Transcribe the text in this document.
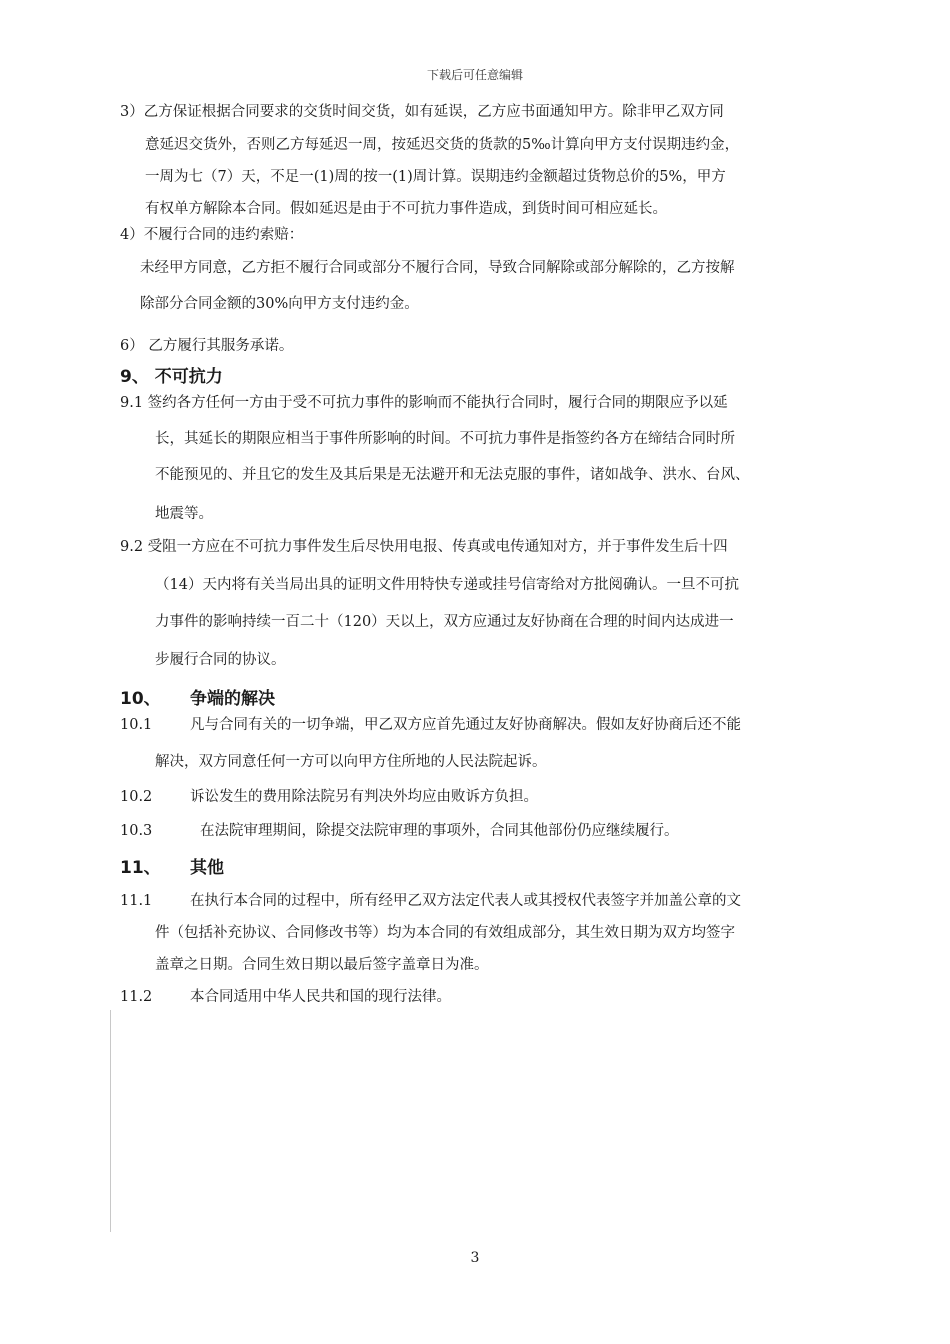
下载后可任意编辑
3）乙方保证根据合同要求的交货时间交货，如有延误，乙方应书面通知甲方。除非甲乙双方同
意延迟交货外，否则乙方每延迟一周，按延迟交货的货款的5‰计算向甲方支付误期违约金，
一周为七（7）天，不足一(1)周的按一(1)周计算。误期违约金额超过货物总价的5%，甲方
有权单方解除本合同。假如延迟是由于不可抗力事件造成，到货时间可相应延长。
4）不履行合同的违约索赔：
未经甲方同意，乙方拒不履行合同或部分不履行合同，导致合同解除或部分解除的，乙方按解
除部分合同金额的30%向甲方支付违约金。
6） 乙方履行其服务承诺。
9、 不可抗力
9.1 签约各方任何一方由于受不可抗力事件的影响而不能执行合同时，履行合同的期限应予以延
长，其延长的期限应相当于事件所影响的时间。不可抗力事件是指签约各方在缔结合同时所
不能预见的、并且它的发生及其后果是无法避开和无法克服的事件，诸如战争、洪水、台风、
地震等。
9.2 受阻一方应在不可抗力事件发生后尽快用电报、传真或电传通知对方，并于事件发生后十四
（14）天内将有关当局出具的证明文件用特快专递或挂号信寄给对方批阅确认。一旦不可抗
力事件的影响持续一百二十（120）天以上，双方应通过友好协商在合理的时间内达成进一
步履行合同的协议。
10、 争端的解决
10.1	凡与合同有关的一切争端，甲乙双方应首先通过友好协商解决。假如友好协商后还不能
解决，双方同意任何一方可以向甲方住所地的人民法院起诉。
10.2	诉讼发生的费用除法院另有判决外均应由败诉方负担。
10.3	在法院审理期间，除提交法院审理的事项外，合同其他部份仍应继续履行。
11、 其他
11.1	在执行本合同的过程中，所有经甲乙双方法定代表人或其授权代表签字并加盖公章的文
件（包括补充协议、合同修改书等）均为本合同的有效组成部分，其生效日期为双方均签字
盖章之日期。合同生效日期以最后签字盖章日为准。
11.2	本合同适用中华人民共和国的现行法律。
3
